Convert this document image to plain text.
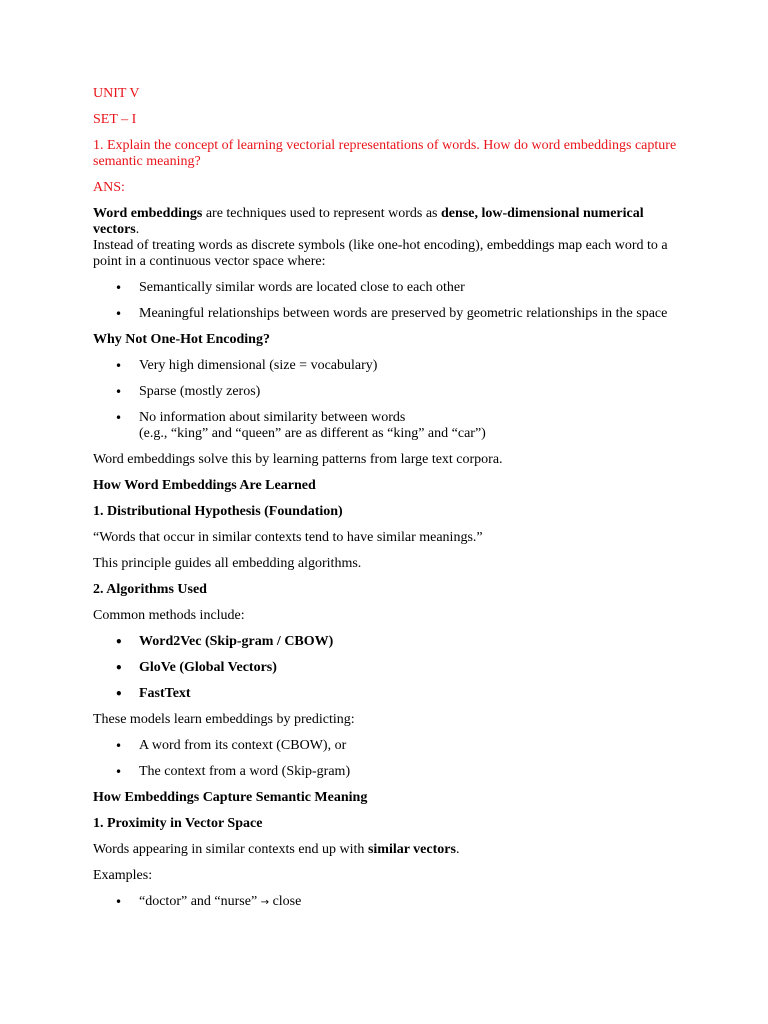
UNIT V

SET – I

1. Explain the concept of learning vectorial representations of words. How do word embeddings capture semantic meaning?

ANS:

Word embeddings are techniques used to represent words as dense, low-dimensional numerical vectors.

Instead of treating words as discrete symbols (like one-hot encoding), embeddings map each word to a point in a continuous vector space where:

• Semantically similar words are located close to each other
• Meaningful relationships between words are preserved by geometric relationships in the space

Why Not One-Hot Encoding?

• Very high dimensional (size = vocabulary)
• Sparse (mostly zeros)
• No information about similarity between words
(e.g., “king” and “queen” are as different as “king” and “car”)

Word embeddings solve this by learning patterns from large text corpora.

How Word Embeddings Are Learned

1. Distributional Hypothesis (Foundation)

“Words that occur in similar contexts tend to have similar meanings.”

This principle guides all embedding algorithms.

2. Algorithms Used

Common methods include:

• Word2Vec (Skip-gram / CBOW)
• GloVe (Global Vectors)
• FastText

These models learn embeddings by predicting:

• A word from its context (CBOW), or
• The context from a word (Skip-gram)

How Embeddings Capture Semantic Meaning

1. Proximity in Vector Space

Words appearing in similar contexts end up with similar vectors.

Examples:

• “doctor” and “nurse” → close
